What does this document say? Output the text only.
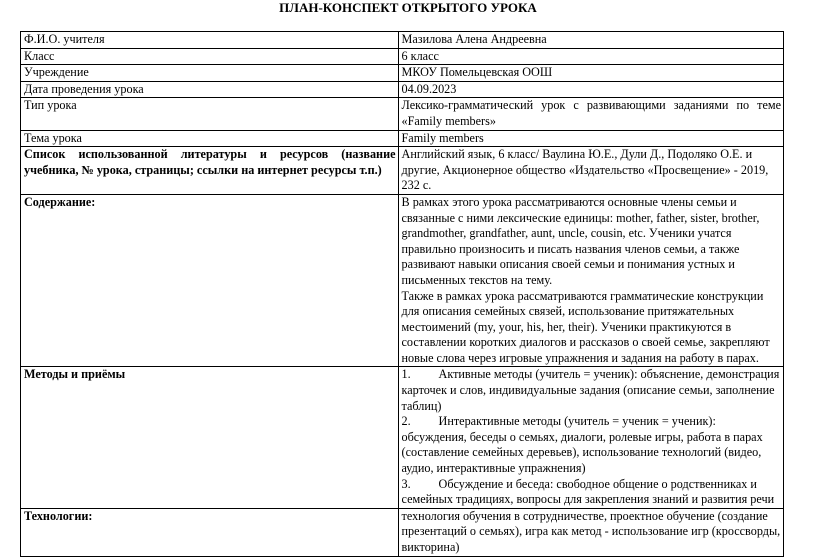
ПЛАН-КОНСПЕКТ ОТКРЫТОГО УРОКА
Ф.И.О. учителя	Мазилова Алена Андреевна
Класс	6 класс
Учреждение	МКОУ Помельцевская ООШ
Дата проведения урока	04.09.2023
Тип урока	Лексико-грамматический урок с развивающими заданиями по теме «Family members»
Тема урока	Family members
Список использованной литературы и ресурсов (название учебника, № урока, страницы; ссылки на интернет ресурсы т.п.)	Английский язык, 6 класс/ Ваулина Ю.Е., Дули Д., Подоляко О.Е. и другие, Акционерное общество «Издательство «Просвещение» - 2019, 232 с.
Содержание:	В рамках этого урока рассматриваются основные члены семьи и связанные с ними лексические единицы: mother, father, sister, brother, grandmother, grandfather, aunt, uncle, cousin, etc. Ученики учатся правильно произносить и писать названия членов семьи, а также развивают навыки описания своей семьи и понимания устных и письменных текстов на тему.
Также в рамках урока рассматриваются грамматические конструкции для описания семейных связей, использование притяжательных местоимений (my, your, his, her, their). Ученики практикуются в составлении коротких диалогов и рассказов о своей семье, закрепляют новые слова через игровые упражнения и задания на работу в парах.

Методы и приёмы	1. Активные методы (учитель = ученик): объяснение, демонстрация карточек и слов, индивидуальные задания (описание семьи, заполнение таблиц)
2. Интерактивные методы (учитель = ученик = ученик): обсуждения, беседы о семьях, диалоги, ролевые игры, работа в парах (составление семейных деревьев), использование технологий (видео, аудио, интерактивные упражнения)
3. Обсуждение и беседа: свободное общение о родственниках и семейных традициях, вопросы для закрепления знаний и развития речи

Технологии:	технология обучения в сотрудничестве, проектное обучение (создание презентаций о семьях), игра как метод - использование игр (кроссворды, викторина)
